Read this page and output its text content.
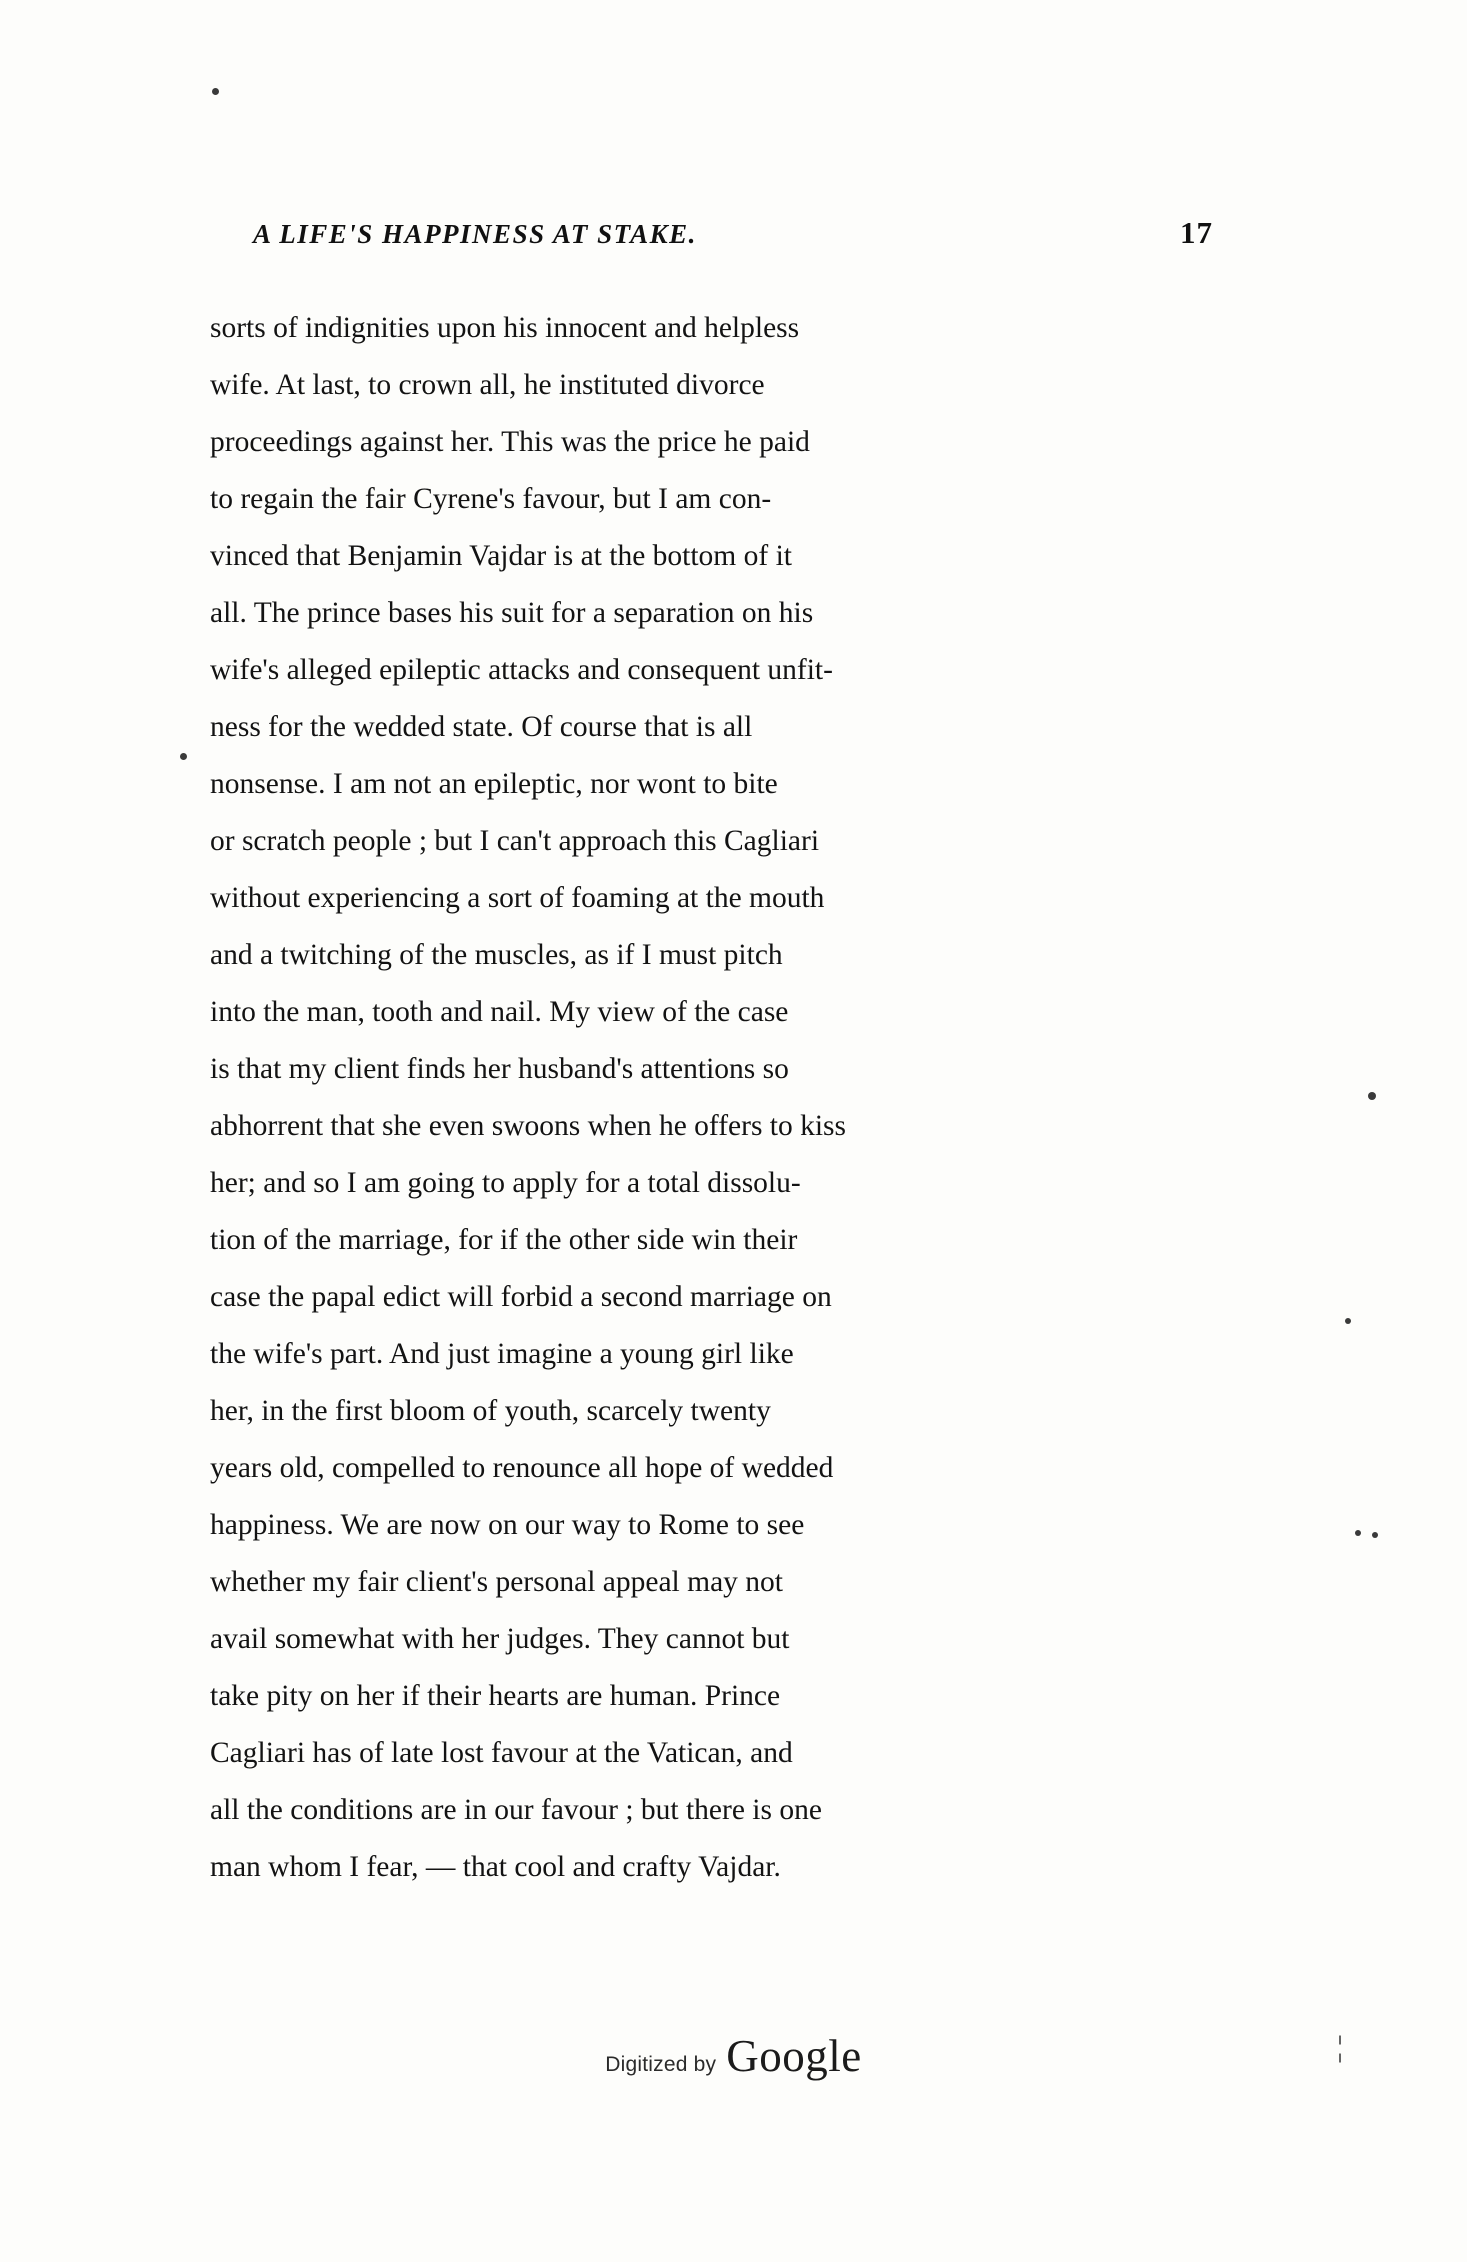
A LIFE'S HAPPINESS AT STAKE.	17

sorts of indignities upon his innocent and helpless
wife. At last, to crown all, he instituted divorce
proceedings against her. This was the price he paid
to regain the fair Cyrene's favour, but I am con-
vinced that Benjamin Vajdar is at the bottom of it
all. The prince bases his suit for a separation on his
wife's alleged epileptic attacks and consequent unfit-
ness for the wedded state. Of course that is all
nonsense. I am not an epileptic, nor wont to bite
or scratch people ; but I can't approach this Cagliari
without experiencing a sort of foaming at the mouth
and a twitching of the muscles, as if I must pitch
into the man, tooth and nail. My view of the case
is that my client finds her husband's attentions so
abhorrent that she even swoons when he offers to kiss
her; and so I am going to apply for a total dissolu-
tion of the marriage, for if the other side win their
case the papal edict will forbid a second marriage on
the wife's part. And just imagine a young girl like
her, in the first bloom of youth, scarcely twenty
years old, compelled to renounce all hope of wedded
happiness. We are now on our way to Rome to see
whether my fair client's personal appeal may not
avail somewhat with her judges. They cannot but
take pity on her if their hearts are human. Prince
Cagliari has of late lost favour at the Vatican, and
all the conditions are in our favour ; but there is one
man whom I fear, — that cool and crafty Vajdar.

Digitized by Google	¦
